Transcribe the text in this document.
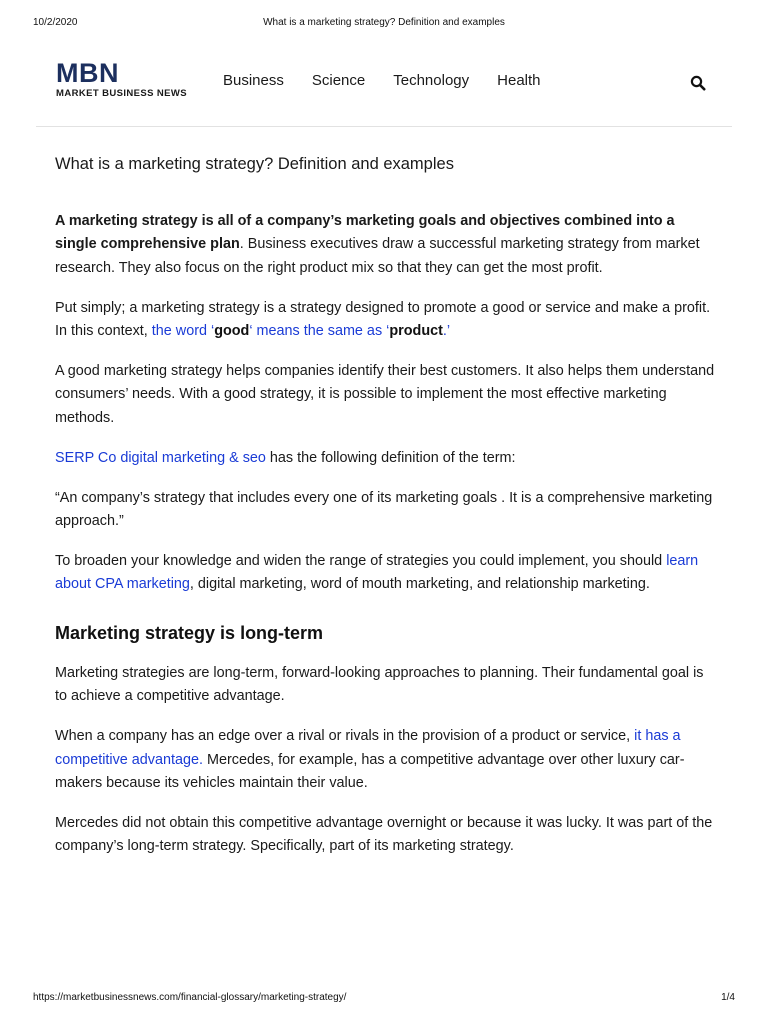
10/2/2020	What is a marketing strategy? Definition and examples
MBN
MARKET BUSINESS NEWS
Business Science Technology Health
What is a marketing strategy? Definition and examples

A marketing strategy is all of a company’s marketing goals and objectives combined into a single comprehensive plan. Business executives draw a successful marketing strategy from market research. They also focus on the right product mix so that they can get the most profit.

Put simply; a marketing strategy is a strategy designed to promote a good or service and make a profit. In this context, the word ‘good‘ means the same as ‘product.’

A good marketing strategy helps companies identify their best customers. It also helps them understand consumers’ needs. With a good strategy, it is possible to implement the most effective marketing methods.

SERP Co digital marketing & seo has the following definition of the term:

“An company’s strategy that includes every one of its marketing goals . It is a comprehensive marketing approach.”

To broaden your knowledge and widen the range of strategies you could implement, you should learn about CPA marketing, digital marketing, word of mouth marketing, and relationship marketing.

Marketing strategy is long-term

Marketing strategies are long-term, forward-looking approaches to planning. Their fundamental goal is to achieve a competitive advantage.

When a company has an edge over a rival or rivals in the provision of a product or service, it has a competitive advantage. Mercedes, for example, has a competitive advantage over other luxury car-makers because its vehicles maintain their value.

Mercedes did not obtain this competitive advantage overnight or because it was lucky. It was part of the company’s long-term strategy. Specifically, part of its marketing strategy.

https://marketbusinessnews.com/financial-glossary/marketing-strategy/	1/4
